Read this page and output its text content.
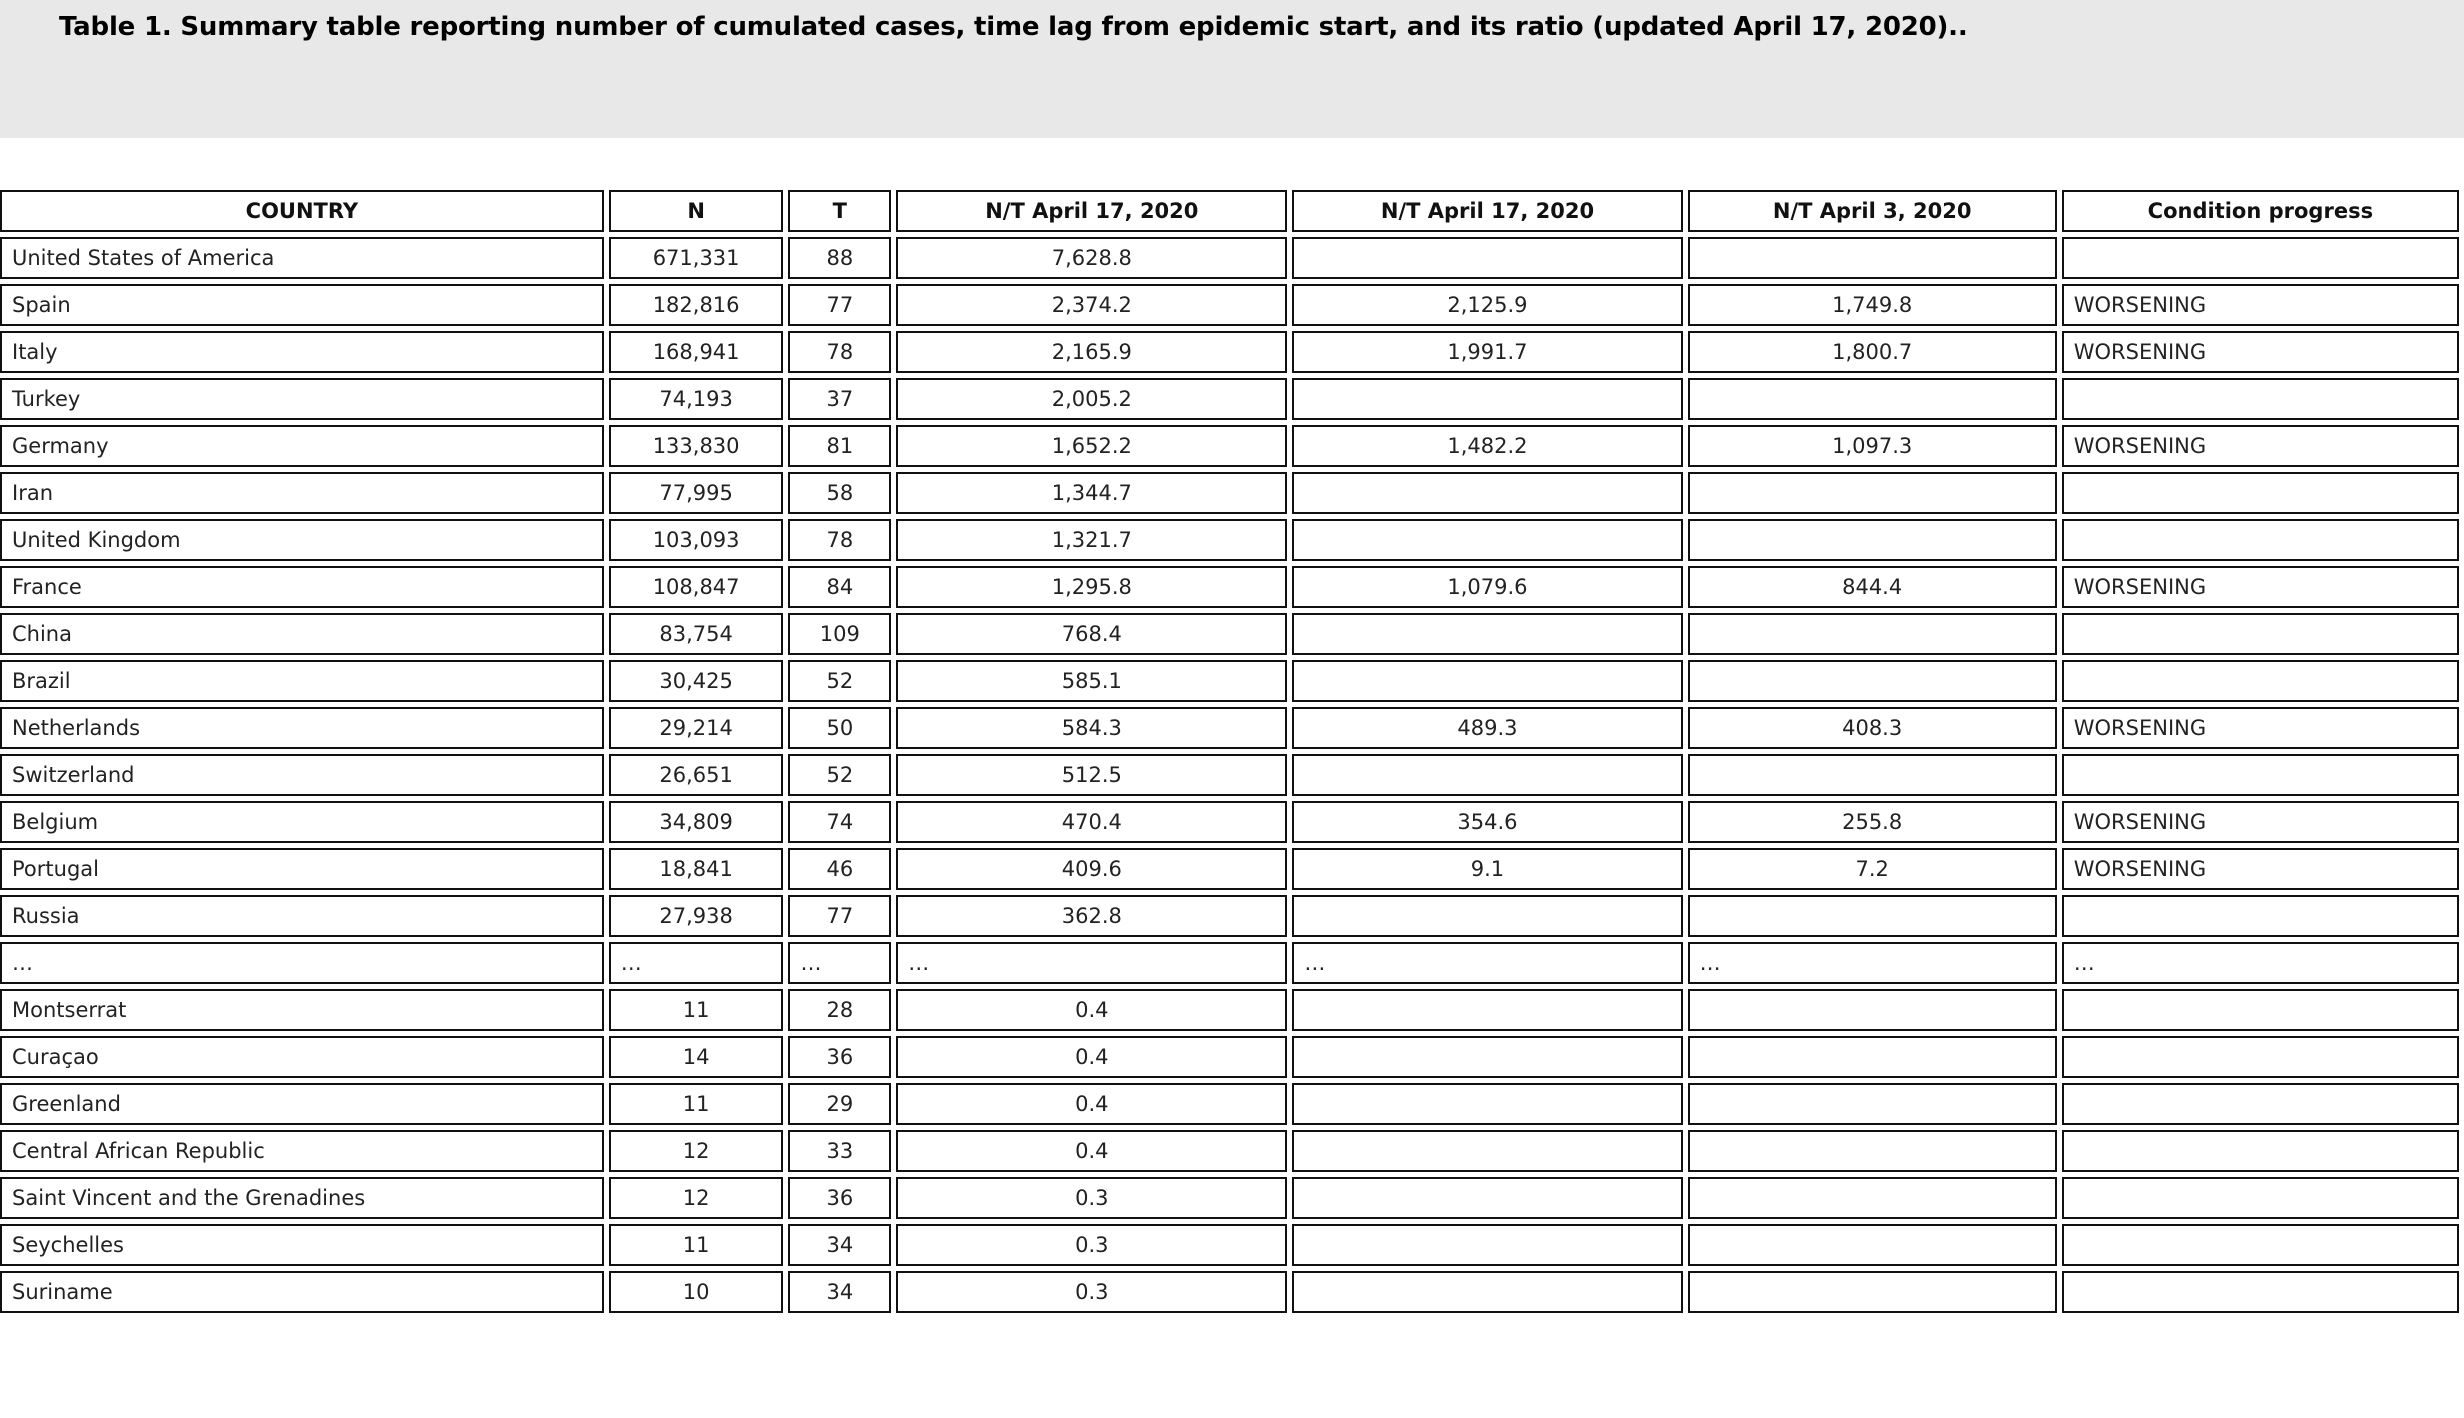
Table 1. Summary table reporting number of cumulated cases, time lag from epidemic start, and its ratio (updated April 17, 2020)..
COUNTRY	N	T	N/T April 17, 2020	N/T April 17, 2020	N/T April 3, 2020	Condition progress
United States of America	671,331	88	7,628.8			
Spain	182,816	77	2,374.2	2,125.9	1,749.8	WORSENING
Italy	168,941	78	2,165.9	1,991.7	1,800.7	WORSENING
Turkey	74,193	37	2,005.2			
Germany	133,830	81	1,652.2	1,482.2	1,097.3	WORSENING
Iran	77,995	58	1,344.7			
United Kingdom	103,093	78	1,321.7			
France	108,847	84	1,295.8	1,079.6	844.4	WORSENING
China	83,754	109	768.4			
Brazil	30,425	52	585.1			
Netherlands	29,214	50	584.3	489.3	408.3	WORSENING
Switzerland	26,651	52	512.5			
Belgium	34,809	74	470.4	354.6	255.8	WORSENING
Portugal	18,841	46	409.6	9.1	7.2	WORSENING
Russia	27,938	77	362.8			
…	…	…	…	…	…	…
Montserrat	11	28	0.4			
Curaçao	14	36	0.4			
Greenland	11	29	0.4			
Central African Republic	12	33	0.4			
Saint Vincent and the Grenadines	12	36	0.3			
Seychelles	11	34	0.3			
Suriname	10	34	0.3			
